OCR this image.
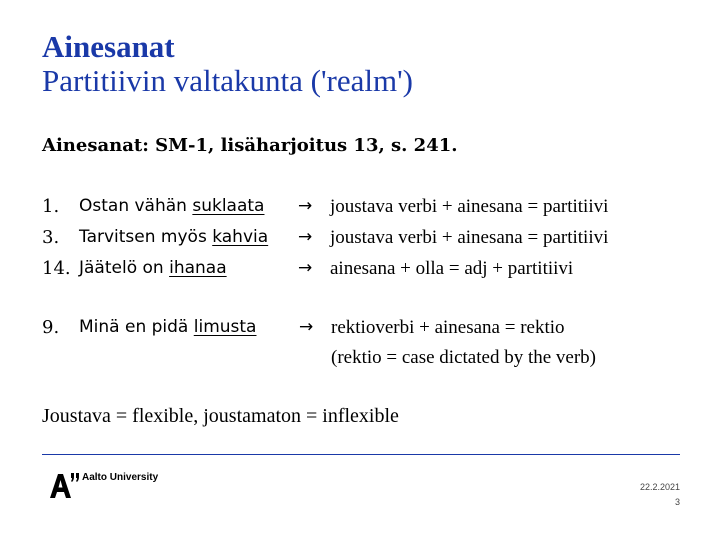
Ainesanat
Partitiivin valtakunta ('realm')
Ainesanat: SM-1, lisäharjoitus 13, s. 241.
1. Ostan vähän suklaata → joustava verbi + ainesana = partitiivi
3. Tarvitsen myös kahvia → joustava verbi + ainesana = partitiivi
14. Jäätelö on ihanaa	→ ainesana + olla = adj + partitiivi
9. Minä en pidä limusta	→ rektioverbi + ainesana = rektio
(rektio = case dictated by the verb)
Joustava = flexible, joustamaton = inflexible
Aalto University
22.2.2021
3
